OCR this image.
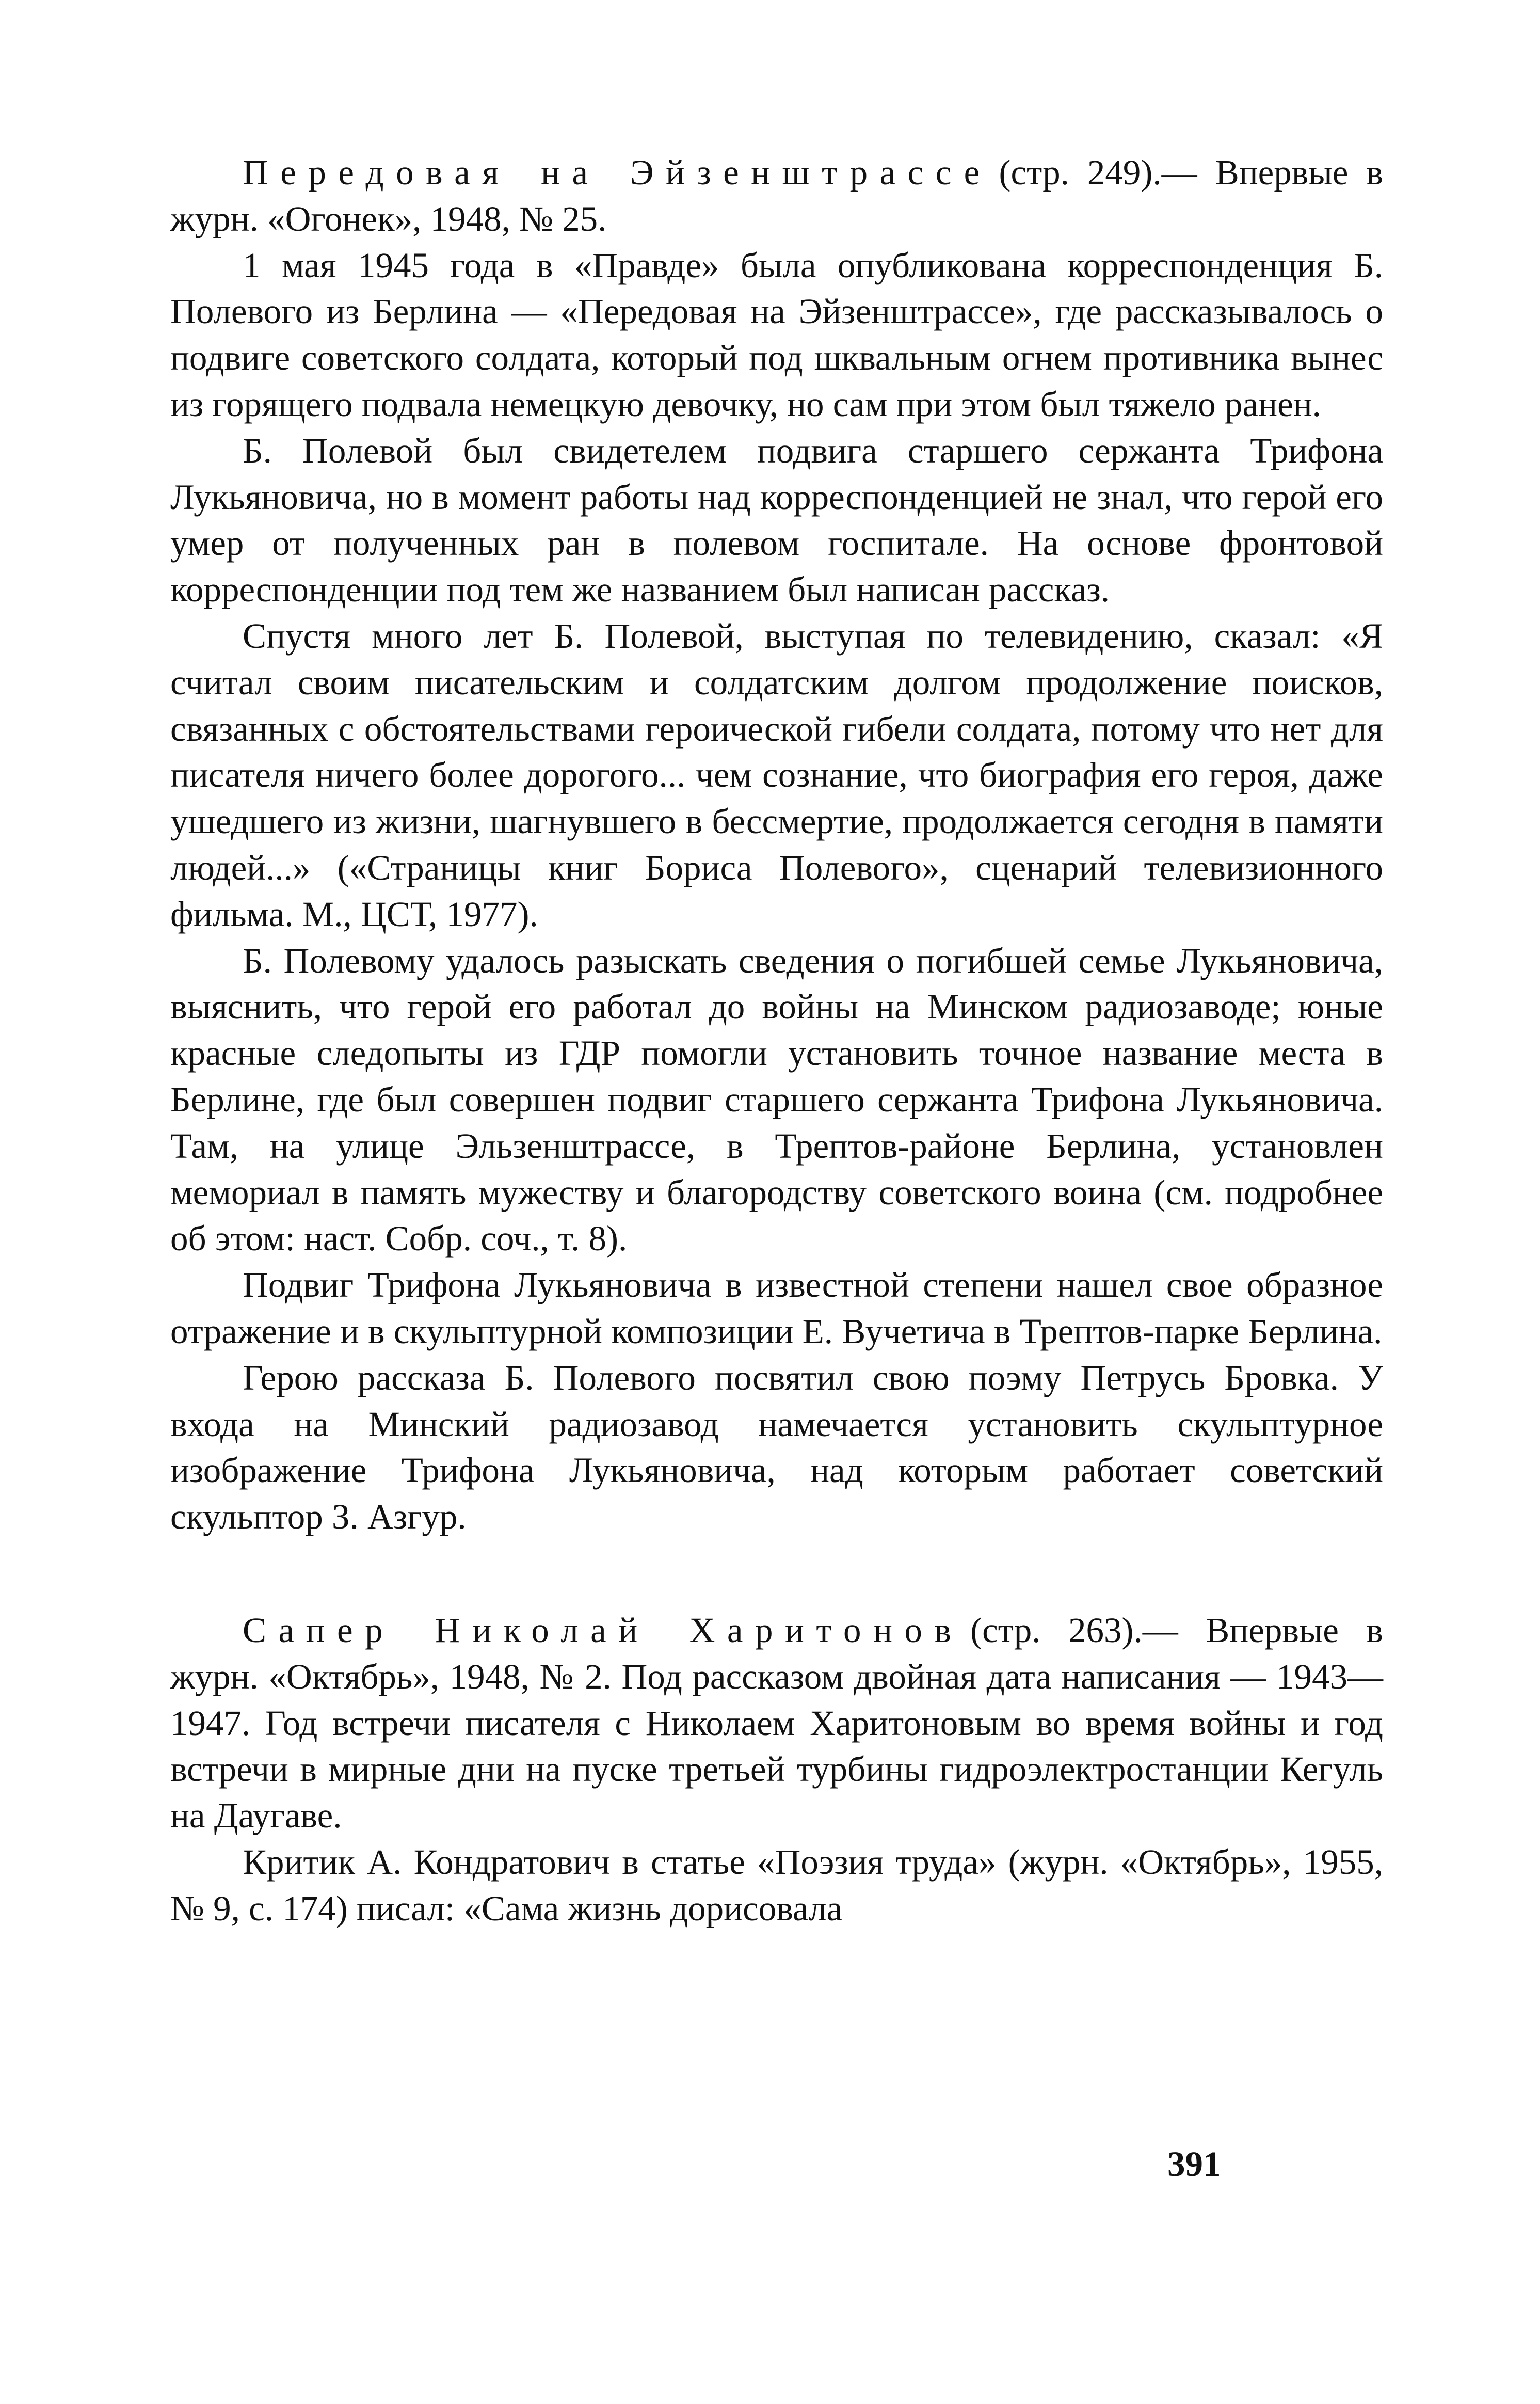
Передовая на Эйзенштрассе (стр. 249).— Впервые в журн. «Огонек», 1948, № 25.

1 мая 1945 года в «Правде» была опубликована корреспонденция Б. Полевого из Берлина — «Передовая на Эйзенштрассе», где рассказывалось о подвиге советского солдата, который под шквальным огнем противника вынес из горящего подвала немецкую девочку, но сам при этом был тяжело ранен.

Б. Полевой был свидетелем подвига старшего сержанта Трифона Лукьяновича, но в момент работы над корреспонденцией не знал, что герой его умер от полученных ран в полевом госпитале. На основе фронтовой корреспонденции под тем же названием был написан рассказ.

Спустя много лет Б. Полевой, выступая по телевидению, сказал: «Я считал своим писательским и солдатским долгом продолжение поисков, связанных с обстоятельствами героической гибели солдата, потому что нет для писателя ничего более дорогого... чем сознание, что биография его героя, даже ушедшего из жизни, шагнувшего в бессмертие, продолжается сегодня в памяти людей...» («Страницы книг Бориса Полевого», сценарий телевизионного фильма. М., ЦСТ, 1977).

Б. Полевому удалось разыскать сведения о погибшей семье Лукьяновича, выяснить, что герой его работал до войны на Минском радиозаводе; юные красные следопыты из ГДР помогли установить точное название места в Берлине, где был совершен подвиг старшего сержанта Трифона Лукьяновича. Там, на улице Эльзенштрассе, в Трептов-районе Берлина, установлен мемориал в память мужеству и благородству советского воина (см. подробнее об этом: наст. Собр. соч., т. 8).

Подвиг Трифона Лукьяновича в известной степени нашел свое образное отражение и в скульптурной композиции Е. Вучетича в Трептов-парке Берлина.

Герою рассказа Б. Полевого посвятил свою поэму Петрусь Бровка. У входа на Минский радиозавод намечается установить скульптурное изображение Трифона Лукьяновича, над которым работает советский скульптор З. Азгур.

Сапер Николай Харитонов (стр. 263).— Впервые в журн. «Октябрь», 1948, № 2. Под рассказом двойная дата написания — 1943—1947. Год встречи писателя с Николаем Харитоновым во время войны и год встречи в мирные дни на пуске третьей турбины гидроэлектростанции Кегуль на Даугаве.

Критик А. Кондратович в статье «Поэзия труда» (журн. «Октябрь», 1955, № 9, с. 174) писал: «Сама жизнь дорисовала

391
